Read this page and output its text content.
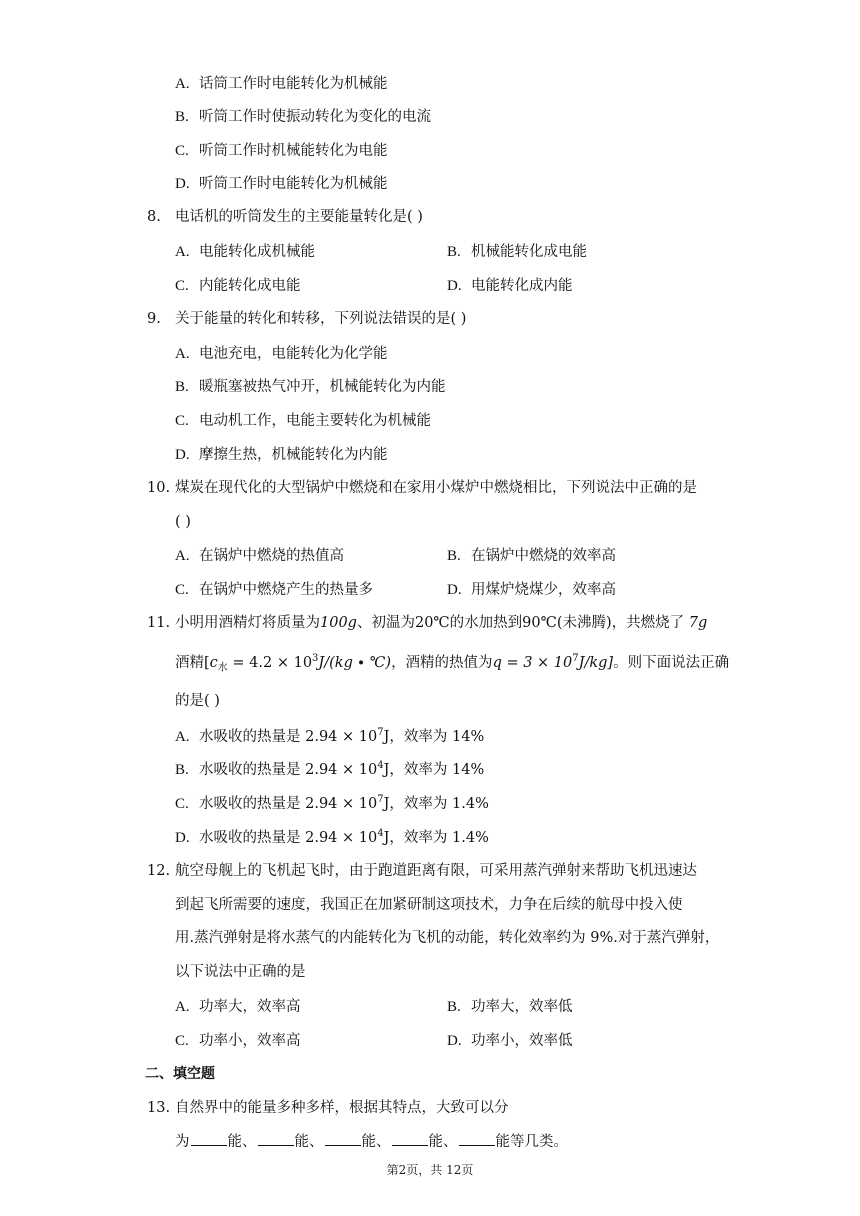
A. 话筒工作时电能转化为机械能
B. 听筒工作时使振动转化为变化的电流
C. 听筒工作时机械能转化为电能
D. 听筒工作时电能转化为机械能
8. 电话机的听筒发生的主要能量转化是( )
A. 电能转化成机械能	B. 机械能转化成电能
C. 内能转化成电能	D. 电能转化成内能
9. 关于能量的转化和转移，下列说法错误的是( )
A. 电池充电，电能转化为化学能
B. 暖瓶塞被热气冲开，机械能转化为内能
C. 电动机工作，电能主要转化为机械能
D. 摩擦生热，机械能转化为内能
10. 煤炭在现代化的大型锅炉中燃烧和在家用小煤炉中燃烧相比，下列说法中正确的是
( )
A. 在锅炉中燃烧的热值高	B. 在锅炉中燃烧的效率高
C. 在锅炉中燃烧产生的热量多	D. 用煤炉烧煤少，效率高
11. 小明用酒精灯将质量为100g、初温为20℃的水加热到90℃(未沸腾)，共燃烧了 7g
酒精[$c_水 = 4.2 \times 10^3J/(kg$ ∙ ℃)，酒精的热值为$q = 3 \times 10^7J/kg$]。则下面说法正确
的是( )
A. 水吸收的热量是 $2.94 \times 10^7J$，效率为 14%
B. 水吸收的热量是 $2.94 \times 10^4J$，效率为 14%
C. 水吸收的热量是 $2.94 \times 10^7J$，效率为 1.4%
D. 水吸收的热量是 $2.94 \times 10^4J$，效率为 1.4%
12. 航空母舰上的飞机起飞时，由于跑道距离有限，可采用蒸汽弹射来帮助飞机迅速达
到起飞所需要的速度，我国正在加紧研制这项技术，力争在后续的航母中投入使
用.蒸汽弹射是将水蒸气的内能转化为飞机的动能，转化效率约为 9%.对于蒸汽弹射，
以下说法中正确的是
A. 功率大，效率高	B. 功率大，效率低
C. 功率小，效率高	D. 功率小，效率低
二、填空题
13. 自然界中的能量多种多样，根据其特点，大致可以分
为	能、	能、	能、	能、	能等几类。
第2页，共 12页
